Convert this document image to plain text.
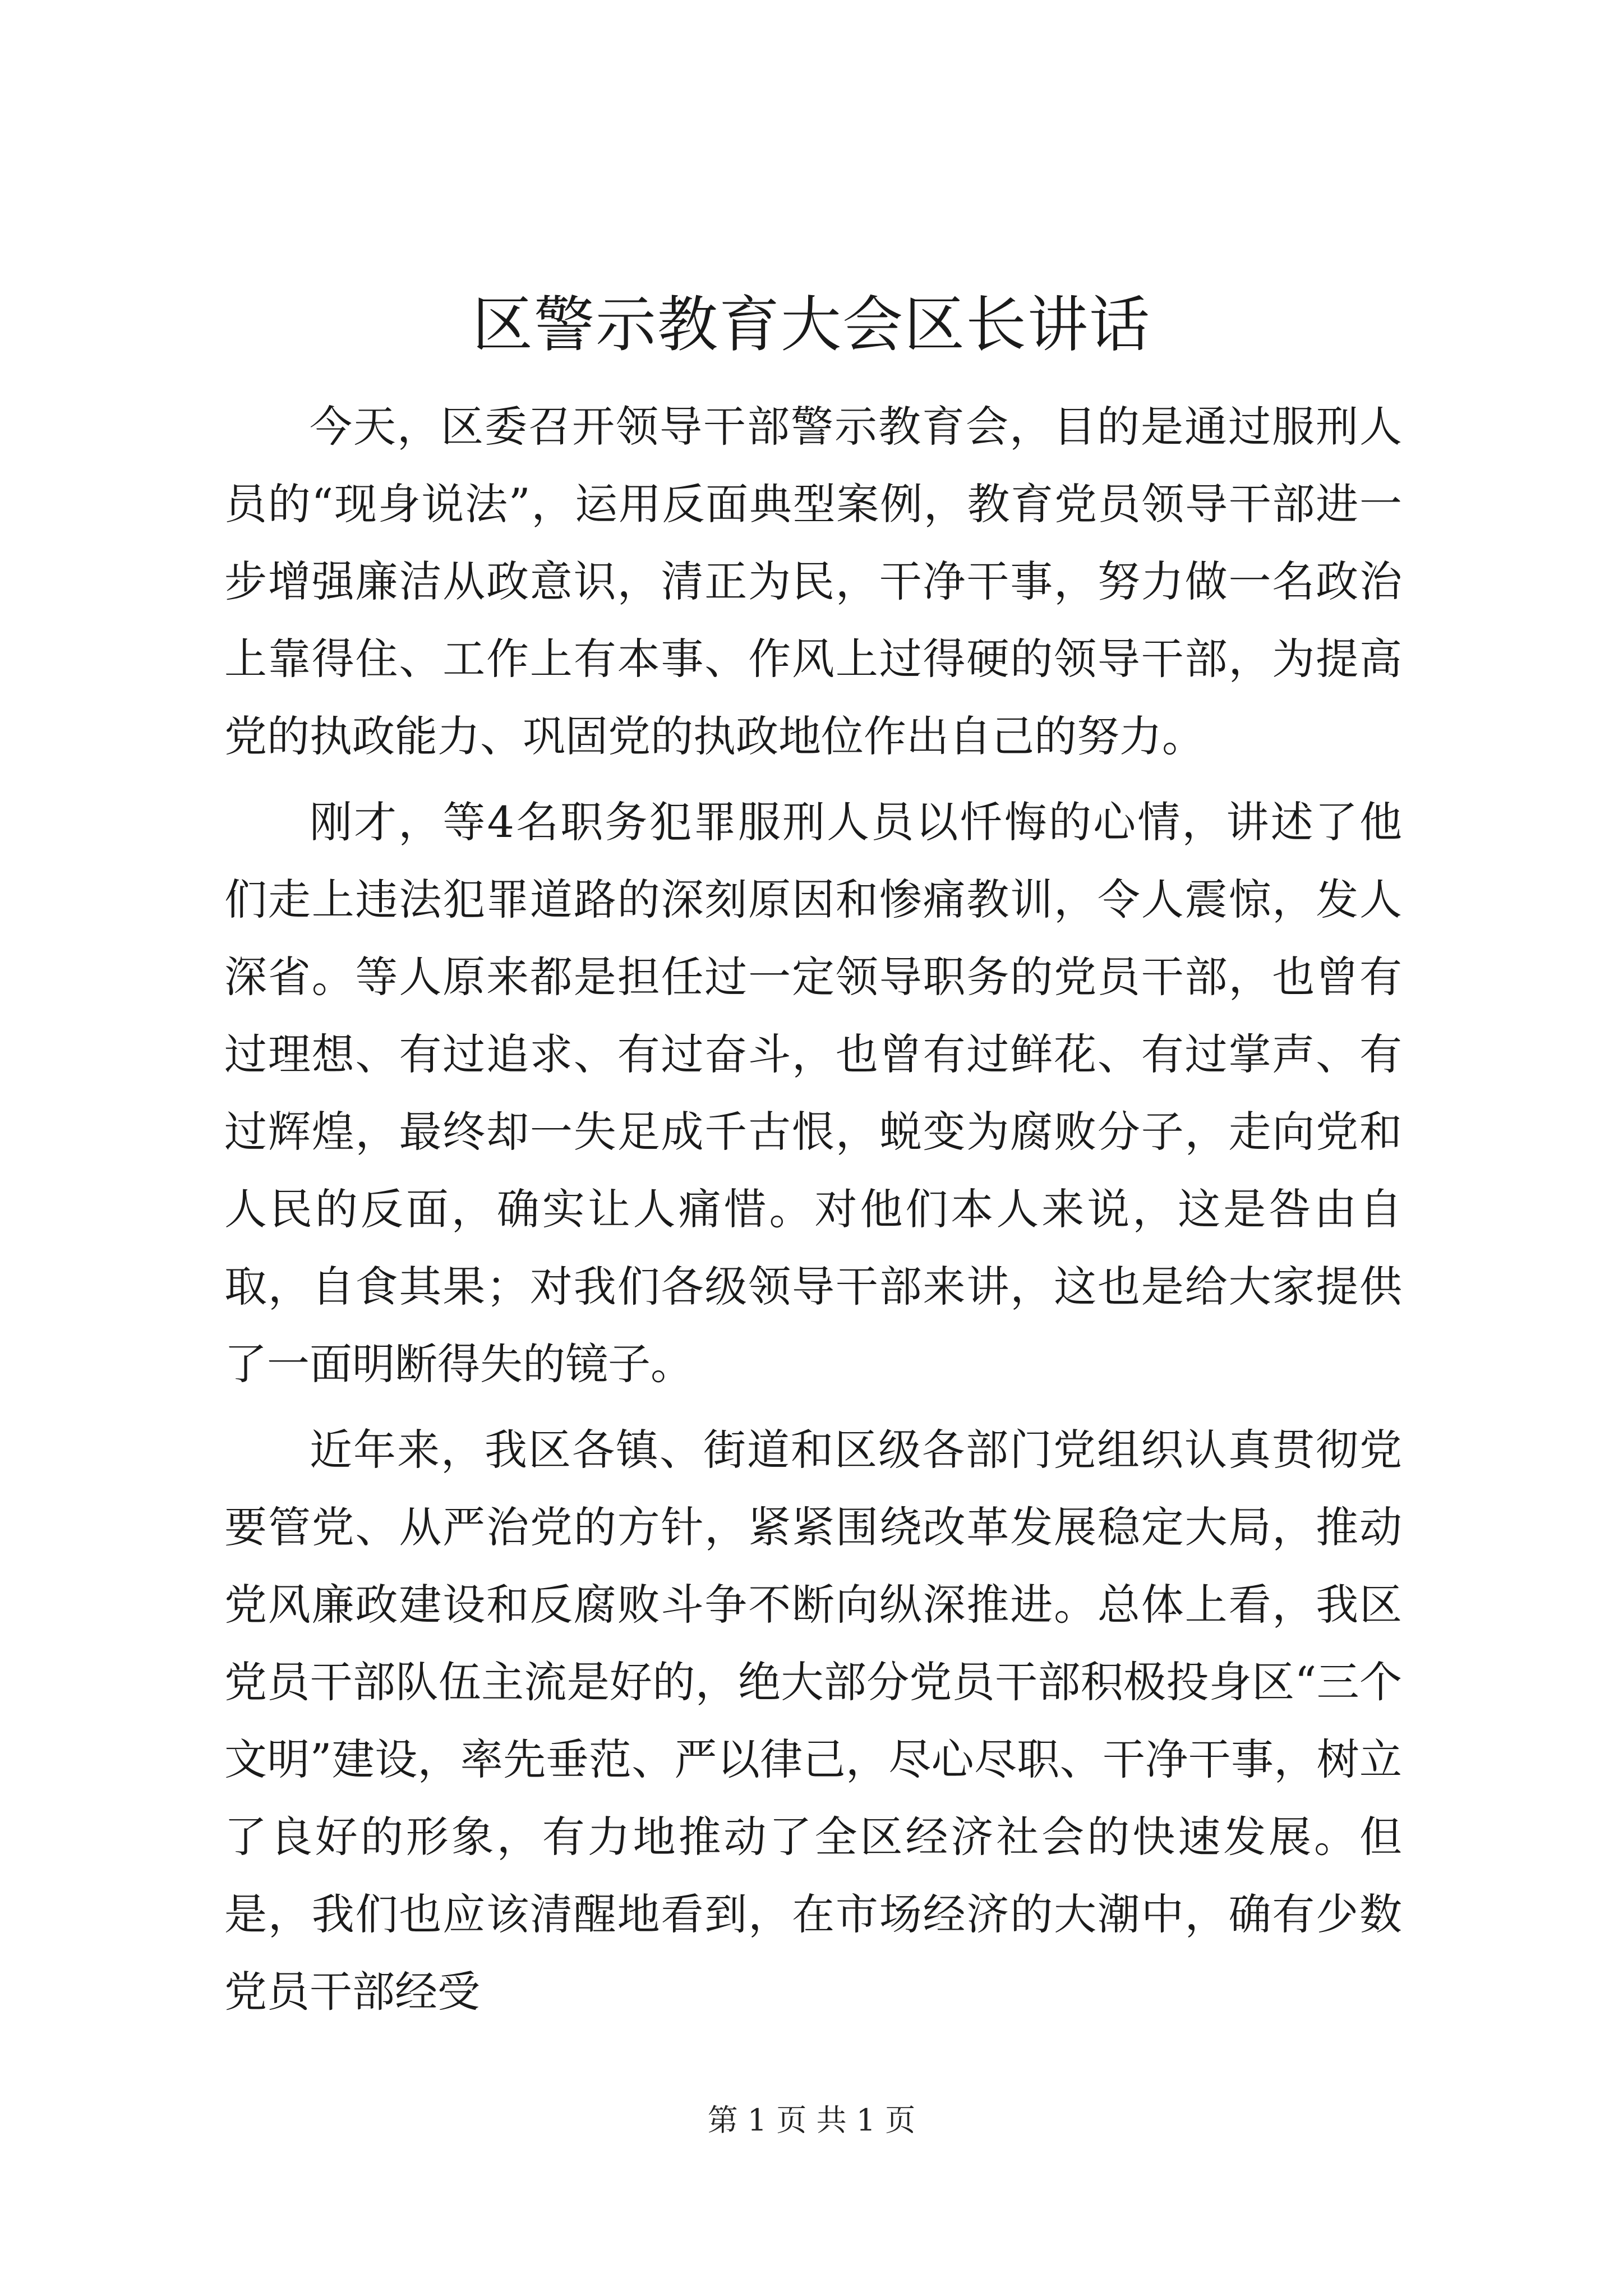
区警示教育大会区长讲话

今天，区委召开领导干部警示教育会，目的是通过服刑人员的“现身说法”，运用反面典型案例，教育党员领导干部进一步增强廉洁从政意识，清正为民，干净干事，努力做一名政治上靠得住、工作上有本事、作风上过得硬的领导干部，为提高党的执政能力、巩固党的执政地位作出自己的努力。

刚才，等4名职务犯罪服刑人员以忏悔的心情，讲述了他们走上违法犯罪道路的深刻原因和惨痛教训，令人震惊，发人深省。等人原来都是担任过一定领导职务的党员干部，也曾有过理想、有过追求、有过奋斗，也曾有过鲜花、有过掌声、有过辉煌，最终却一失足成千古恨，蜕变为腐败分子，走向党和人民的反面，确实让人痛惜。对他们本人来说，这是咎由自取，自食其果；对我们各级领导干部来讲，这也是给大家提供了一面明断得失的镜子。

近年来，我区各镇、街道和区级各部门党组织认真贯彻党要管党、从严治党的方针，紧紧围绕改革发展稳定大局，推动党风廉政建设和反腐败斗争不断向纵深推进。总体上看，我区党员干部队伍主流是好的，绝大部分党员干部积极投身区“三个文明”建设，率先垂范、严以律己，尽心尽职、干净干事，树立了良好的形象，有力地推动了全区经济社会的快速发展。但是，我们也应该清醒地看到，在市场经济的大潮中，确有少数党员干部经受

第 1 页 共 1 页
